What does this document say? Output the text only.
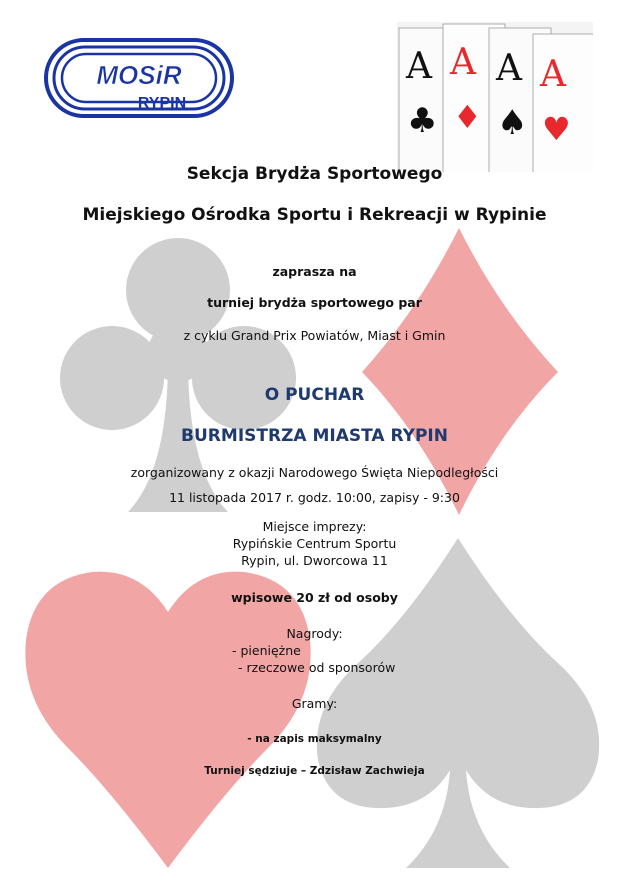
MOSiR
RYPIN
A
♣
A
♦
A
♠
A
♥
Sekcja Brydża Sportowego
Miejskiego Ośrodka Sportu i Rekreacji w Rypinie
zaprasza na
turniej brydża sportowego par
z cyklu Grand Prix Powiatów, Miast i Gmin
O PUCHAR
BURMISTRZA MIASTA RYPIN
zorganizowany z okazji Narodowego Święta Niepodległości
11 listopada 2017 r. godz. 10:00, zapisy - 9:30
Miejsce imprezy:
Rypińskie Centrum Sportu
Rypin, ul. Dworcowa 11
wpisowe 20 zł od osoby
Nagrody:
- pieniężne
- rzeczowe od sponsorów
Gramy:
- na zapis maksymalny
Turniej sędziuje – Zdzisław Zachwieja
